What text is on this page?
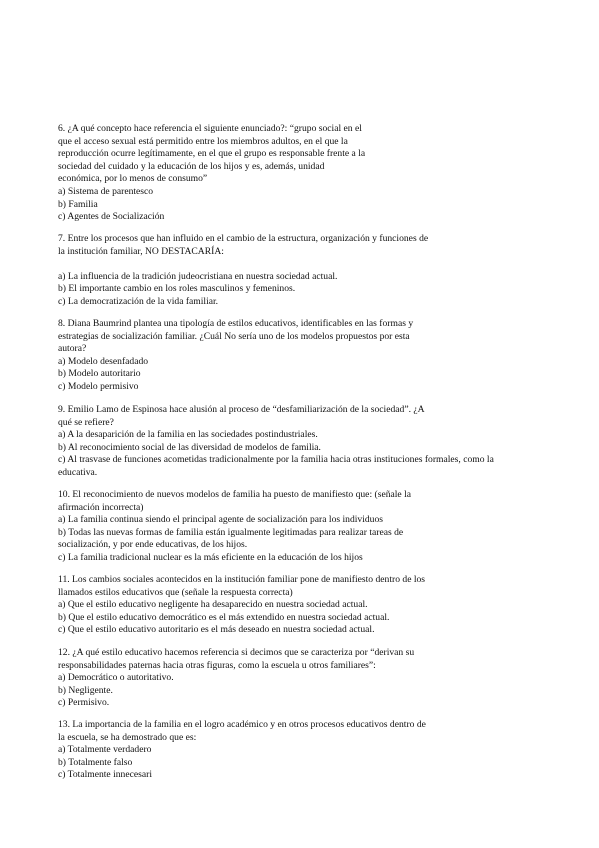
6. ¿A qué concepto hace referencia el siguiente enunciado?: “grupo social en el
que el acceso sexual está permitido entre los miembros adultos, en el que la
reproducción ocurre legítimamente, en el que el grupo es responsable frente a la
sociedad del cuidado y la educación de los hijos y es, además, unidad
económica, por lo menos de consumo”
a) Sistema de parentesco
b) Familia
c) Agentes de Socialización
7. Entre los procesos que han influido en el cambio de la estructura, organización y funciones de
la institución familiar, NO DESTACARÍA:
a) La influencia de la tradición judeocristiana en nuestra sociedad actual.
b) El importante cambio en los roles masculinos y femeninos.
c) La democratización de la vida familiar.
8. Diana Baumrind plantea una tipología de estilos educativos, identificables en las formas y
estrategias de socialización familiar. ¿Cuál No sería uno de los modelos propuestos por esta
autora?
a) Modelo desenfadado
b) Modelo autoritario
c) Modelo permisivo
9. Emilio Lamo de Espinosa hace alusión al proceso de “desfamiliarización de la sociedad”. ¿A
qué se refiere?
a) A la desaparición de la familia en las sociedades postindustriales.
b) Al reconocimiento social de las diversidad de modelos de familia.
c) Al trasvase de funciones acometidas tradicionalmente por la familia hacia otras instituciones formales, como la
educativa.
10. El reconocimiento de nuevos modelos de familia ha puesto de manifiesto que: (señale la
afirmación incorrecta)
a) La familia continua siendo el principal agente de socialización para los individuos
b) Todas las nuevas formas de familia están igualmente legitimadas para realizar tareas de
socialización, y por ende educativas, de los hijos.
c) La familia tradicional nuclear es la más eficiente en la educación de los hijos
11. Los cambios sociales acontecidos en la institución familiar pone de manifiesto dentro de los
llamados estilos educativos que (señale la respuesta correcta)
a) Que el estilo educativo negligente ha desaparecido en nuestra sociedad actual.
b) Que el estilo educativo democrático es el más extendido en nuestra sociedad actual.
c) Que el estilo educativo autoritario es el más deseado en nuestra sociedad actual.
12. ¿A qué estilo educativo hacemos referencia si decimos que se caracteriza por “derivan su
responsabilidades paternas hacia otras figuras, como la escuela u otros familiares”:
a) Democrático o autoritativo.
b) Negligente.
c) Permisivo.
13. La importancia de la familia en el logro académico y en otros procesos educativos dentro de
la escuela, se ha demostrado que es:
a) Totalmente verdadero
b) Totalmente falso
c) Totalmente innecesari
